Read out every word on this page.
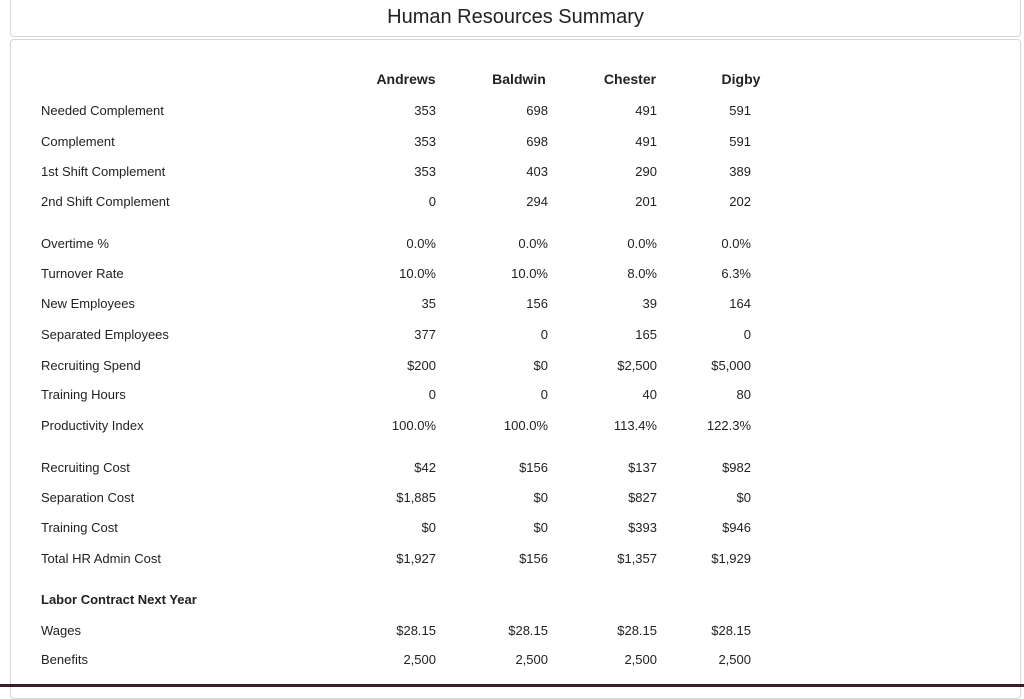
Human Resources Summary
Andrews	Baldwin	Chester	Digby
Needed Complement	353	698	491	591
Complement	353	698	491	591
1st Shift Complement	353	403	290	389
2nd Shift Complement	0	294	201	202
Overtime %	0.0%	0.0%	0.0%	0.0%
Turnover Rate	10.0%	10.0%	8.0%	6.3%
New Employees	35	156	39	164
Separated Employees	377	0	165	0
Recruiting Spend	$200	$0	$2,500	$5,000
Training Hours	0	0	40	80
Productivity Index	100.0%	100.0%	113.4%	122.3%
Recruiting Cost	$42	$156	$137	$982
Separation Cost	$1,885	$0	$827	$0
Training Cost	$0	$0	$393	$946
Total HR Admin Cost	$1,927	$156	$1,357	$1,929
Labor Contract Next Year
Wages	$28.15	$28.15	$28.15	$28.15
Benefits	2,500	2,500	2,500	2,500
